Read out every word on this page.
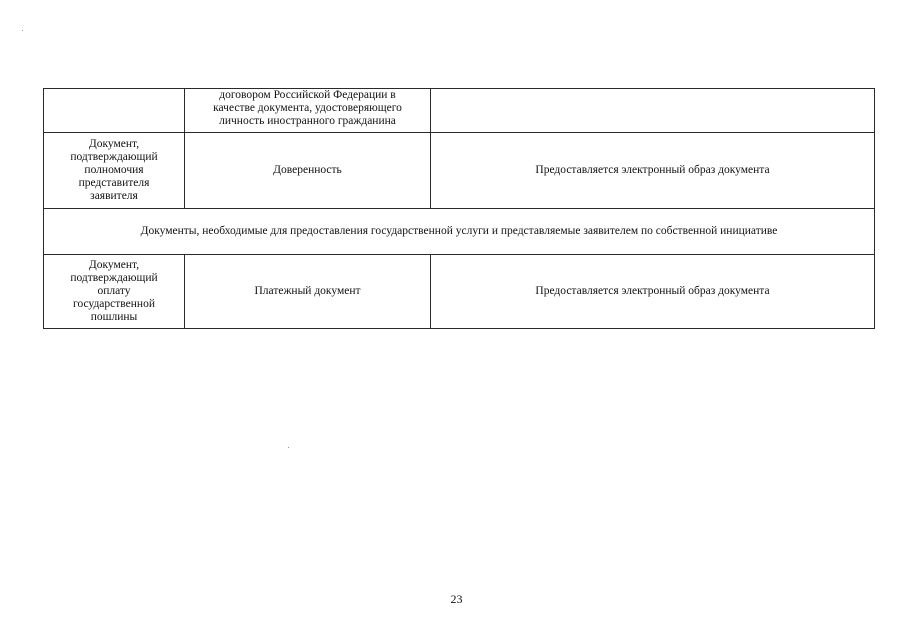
	договором Российской Федерации в
качестве документа, удостоверяющего
личность иностранного гражданина	

Документ,
подтверждающий
полномочия
представителя
заявителя	Доверенность	Предоставляется электронный образ документа

Документы, необходимые для предоставления государственной услуги и представляемые заявителем по собственной инициативе		

Документ,
подтверждающий
оплату
государственной
пошлины	Платежный документ	Предоставляется электронный образ документа
23
